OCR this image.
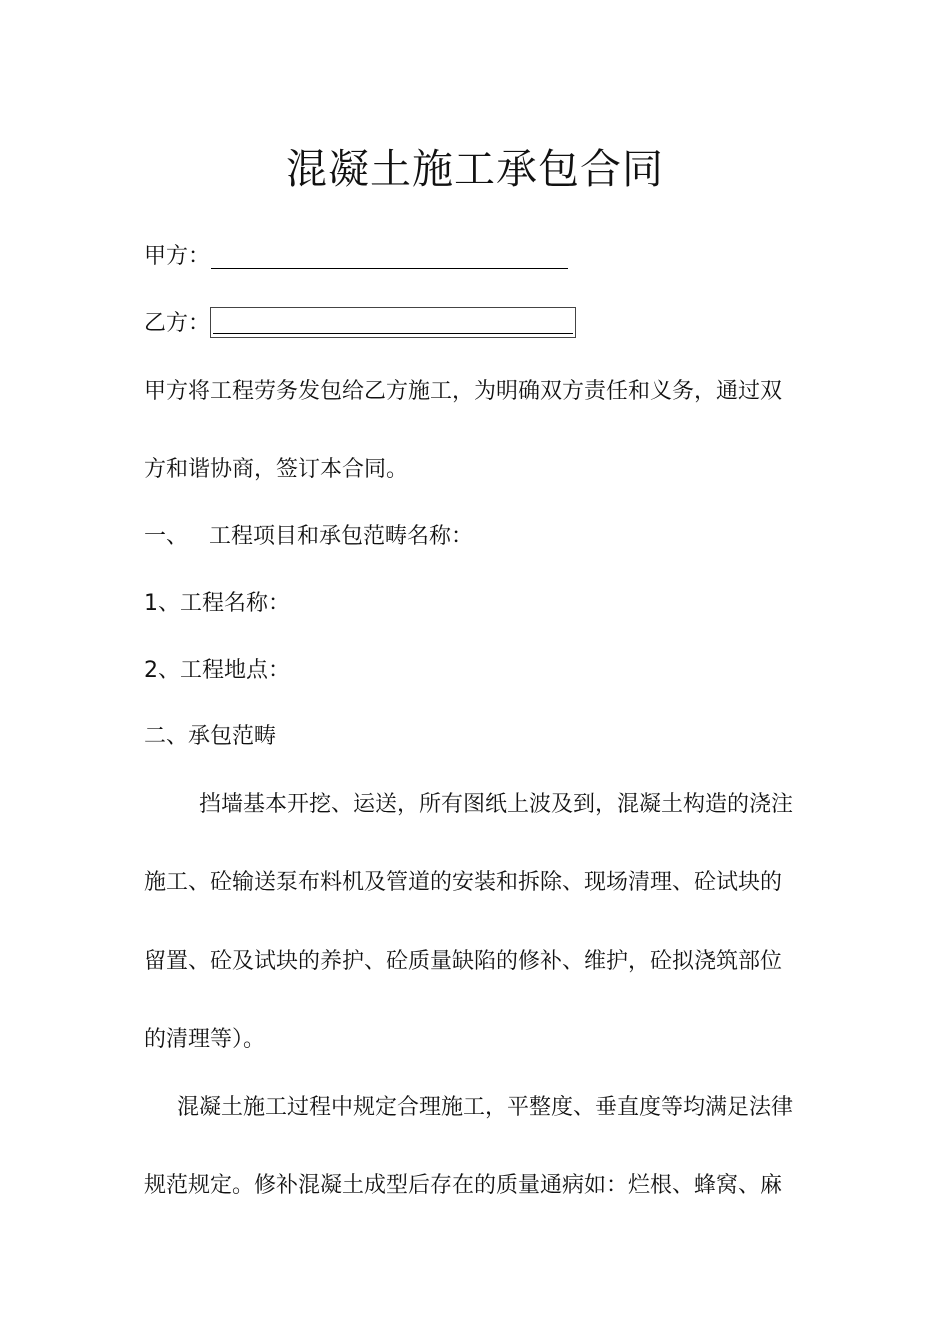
混凝土施工承包合同
甲方：
乙方：
甲方将工程劳务发包给乙方施工，为明确双方责任和义务，通过双
方和谐协商，签订本合同。
一、   工程项目和承包范畴名称：
1、工程名称：
2、工程地点：
二、承包范畴
挡墙基本开挖、运送，所有图纸上波及到，混凝土构造的浇注
施工、砼输送泵布料机及管道的安装和拆除、现场清理、砼试块的
留置、砼及试块的养护、砼质量缺陷的修补、维护，砼拟浇筑部位
的清理等）。
混凝土施工过程中规定合理施工，平整度、垂直度等均满足法律
规范规定。修补混凝土成型后存在的质量通病如：烂根、蜂窝、麻
